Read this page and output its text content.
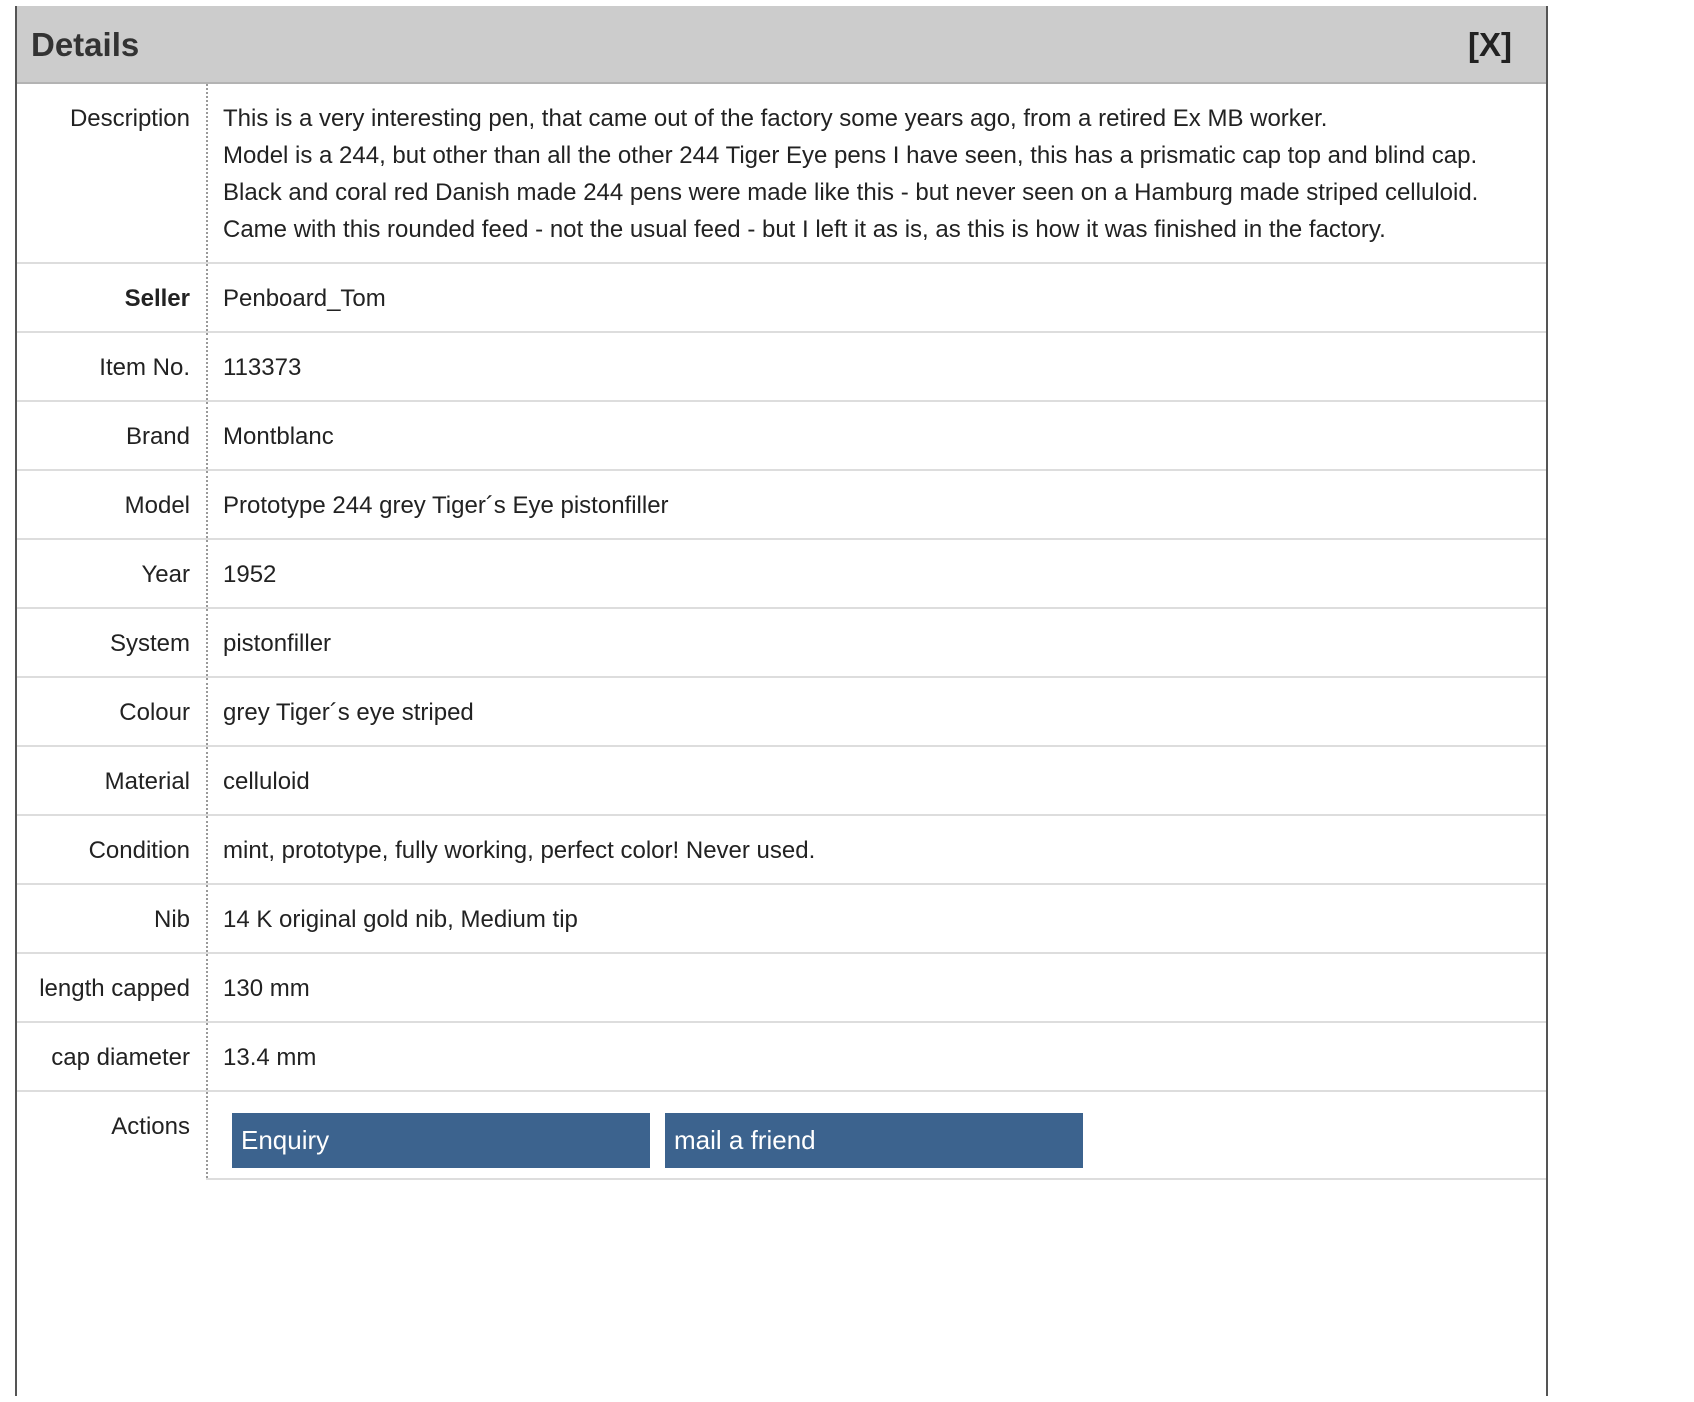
Details	[X]
Description	This is a very interesting pen, that came out of the factory some years ago, from a retired Ex MB worker.
Model is a 244, but other than all the other 244 Tiger Eye pens I have seen, this has a prismatic cap top and blind cap.
Black and coral red Danish made 244 pens were made like this - but never seen on a Hamburg made striped celluloid.
Came with this rounded feed - not the usual feed - but I left it as is, as this is how it was finished in the factory.

Seller	Penboard_Tom
Item No.	113373
Brand	Montblanc
Model	Prototype 244 grey Tiger´s Eye pistonfiller
Year	1952
System	pistonfiller
Colour	grey Tiger´s eye striped
Material	celluloid
Condition	mint, prototype, fully working, perfect color! Never used.
Nib	14 K original gold nib, Medium tip
length capped	130 mm
cap diameter	13.4 mm
Actions	Enquiry mail a friend
